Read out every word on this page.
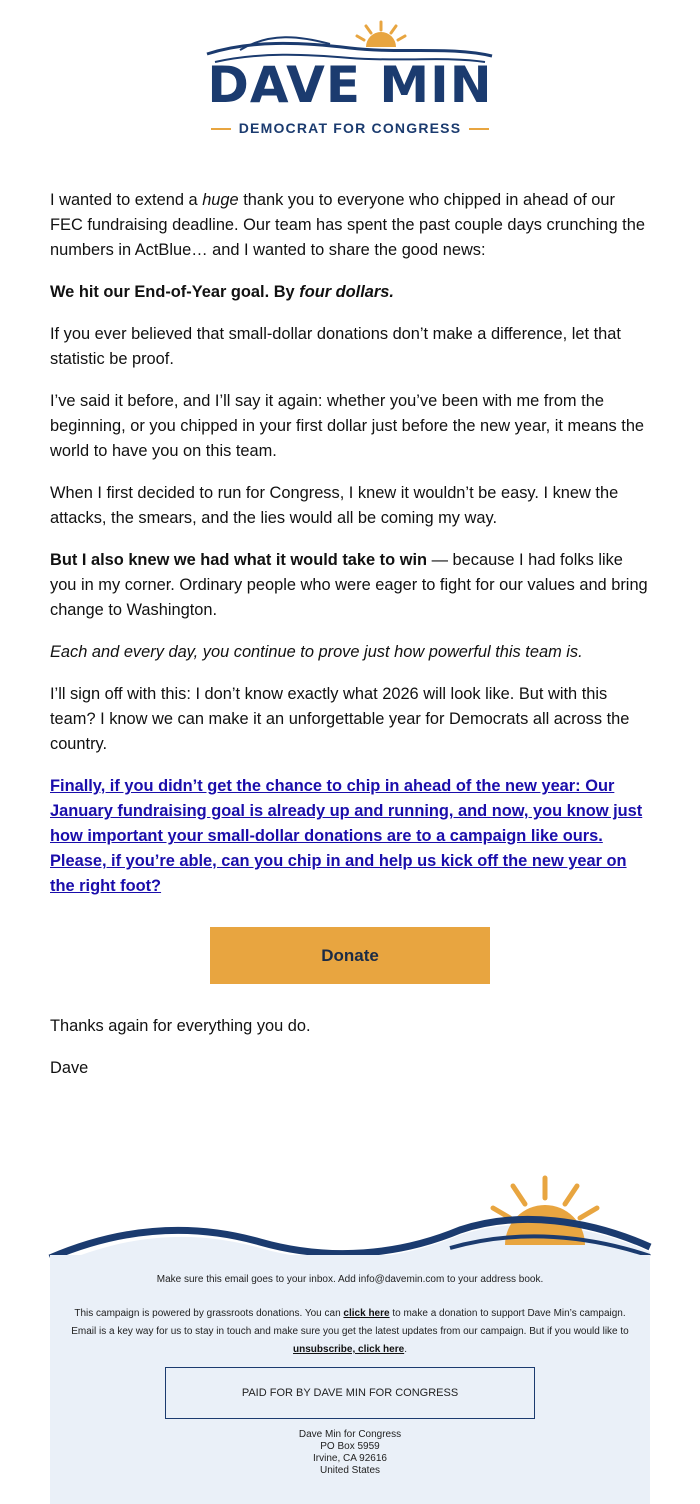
DAVE MIN
DEMOCRAT FOR CONGRESS

I wanted to extend a huge thank you to everyone who chipped in ahead of our FEC fundraising deadline. Our team has spent the past couple days crunching the numbers in ActBlue… and I wanted to share the good news:

We hit our End-of-Year goal. By four dollars.

If you ever believed that small-dollar donations don’t make a difference, let that statistic be proof.

I’ve said it before, and I’ll say it again: whether you’ve been with me from the beginning, or you chipped in your first dollar just before the new year, it means the world to have you on this team.

When I first decided to run for Congress, I knew it wouldn’t be easy. I knew the attacks, the smears, and the lies would all be coming my way.

But I also knew we had what it would take to win — because I had folks like you in my corner. Ordinary people who were eager to fight for our values and bring change to Washington.

Each and every day, you continue to prove just how powerful this team is.

I’ll sign off with this: I don’t know exactly what 2026 will look like. But with this team? I know we can make it an unforgettable year for Democrats all across the country.

Finally, if you didn’t get the chance to chip in ahead of the new year: Our January fundraising goal is already up and running, and now, you know just how important your small-dollar donations are to a campaign like ours. Please, if you’re able, can you chip in and help us kick off the new year on the right foot?

Donate

Thanks again for everything you do.

Dave

Make sure this email goes to your inbox. Add info@davemin.com to your address book.
This campaign is powered by grassroots donations. You can click here to make a donation to support Dave Min’s campaign. Email is a key way for us to stay in touch and make sure you get the latest updates from our campaign. But if you would like to unsubscribe, click here.
PAID FOR BY DAVE MIN FOR CONGRESS
Dave Min for Congress
PO Box 5959
Irvine, CA 92616
United States
